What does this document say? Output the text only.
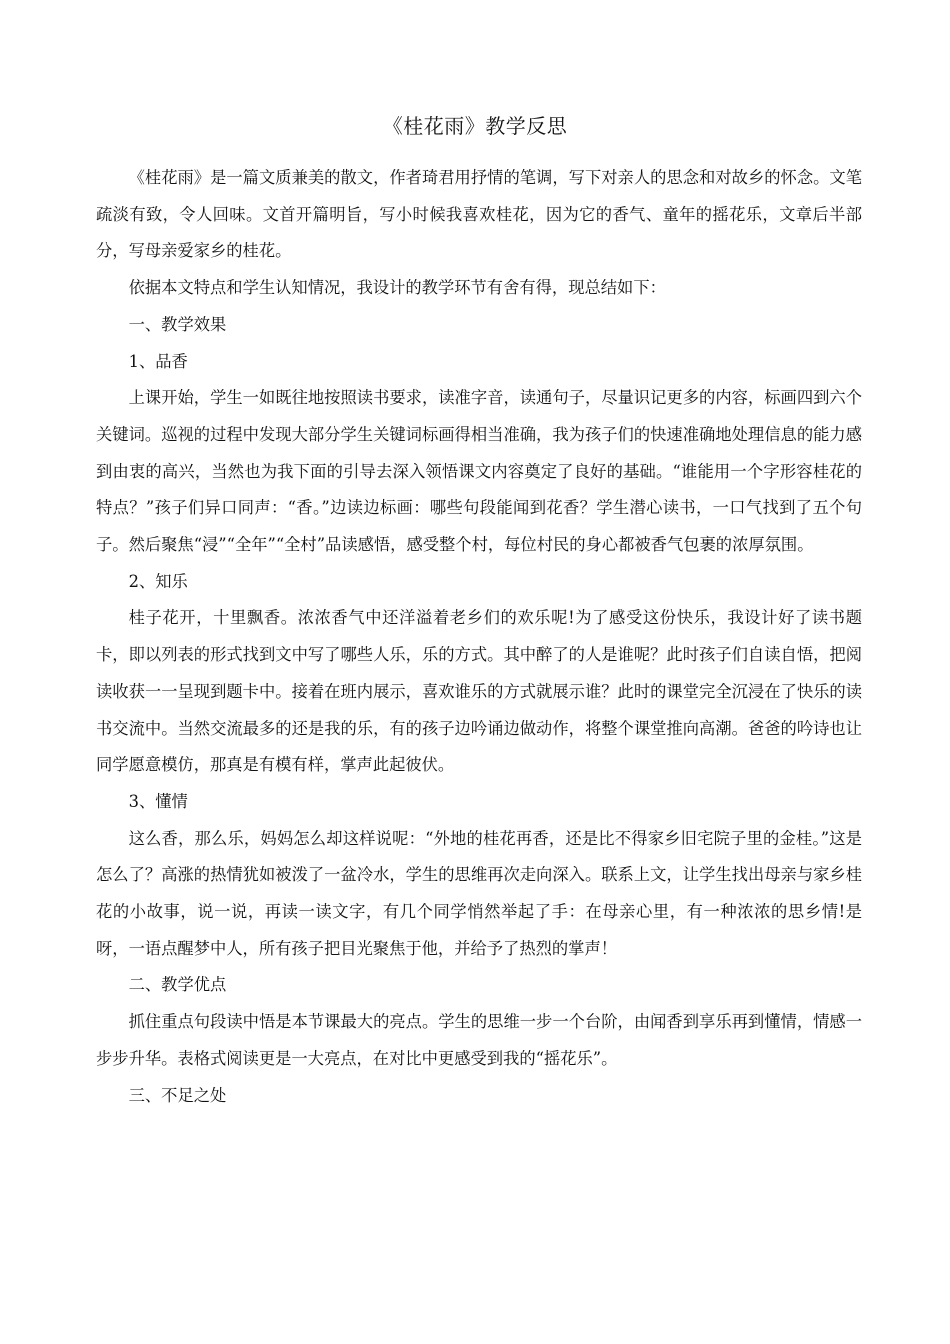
《桂花雨》教学反思

《桂花雨》是一篇文质兼美的散文，作者琦君用抒情的笔调，写下对亲人的思念和对故乡的怀念。文笔疏淡有致，令人回味。文首开篇明旨，写小时候我喜欢桂花，因为它的香气、童年的摇花乐，文章后半部分，写母亲爱家乡的桂花。

依据本文特点和学生认知情况，我设计的教学环节有舍有得，现总结如下：

一、教学效果

1、品香

上课开始，学生一如既往地按照读书要求，读准字音，读通句子，尽量识记更多的内容，标画四到六个关键词。巡视的过程中发现大部分学生关键词标画得相当准确，我为孩子们的快速准确地处理信息的能力感到由衷的高兴，当然也为我下面的引导去深入领悟课文内容奠定了良好的基础。“谁能用一个字形容桂花的特点？”孩子们异口同声：“香。”边读边标画：哪些句段能闻到花香？学生潜心读书，一口气找到了五个句子。然后聚焦“浸”“全年”“全村”品读感悟，感受整个村，每位村民的身心都被香气包裹的浓厚氛围。

2、知乐

桂子花开，十里飘香。浓浓香气中还洋溢着老乡们的欢乐呢!为了感受这份快乐，我设计好了读书题卡，即以列表的形式找到文中写了哪些人乐，乐的方式。其中醉了的人是谁呢？此时孩子们自读自悟，把阅读收获一一呈现到题卡中。接着在班内展示，喜欢谁乐的方式就展示谁？此时的课堂完全沉浸在了快乐的读书交流中。当然交流最多的还是我的乐，有的孩子边吟诵边做动作，将整个课堂推向高潮。爸爸的吟诗也让同学愿意模仿，那真是有模有样，掌声此起彼伏。

3、懂情

这么香，那么乐，妈妈怎么却这样说呢：“外地的桂花再香，还是比不得家乡旧宅院子里的金桂。”这是怎么了？高涨的热情犹如被泼了一盆冷水，学生的思维再次走向深入。联系上文，让学生找出母亲与家乡桂花的小故事，说一说，再读一读文字，有几个同学悄然举起了手：在母亲心里，有一种浓浓的思乡情!是呀，一语点醒梦中人，所有孩子把目光聚焦于他，并给予了热烈的掌声！

二、教学优点

抓住重点句段读中悟是本节课最大的亮点。学生的思维一步一个台阶，由闻香到享乐再到懂情，情感一步步升华。表格式阅读更是一大亮点，在对比中更感受到我的“摇花乐”。

三、不足之处
